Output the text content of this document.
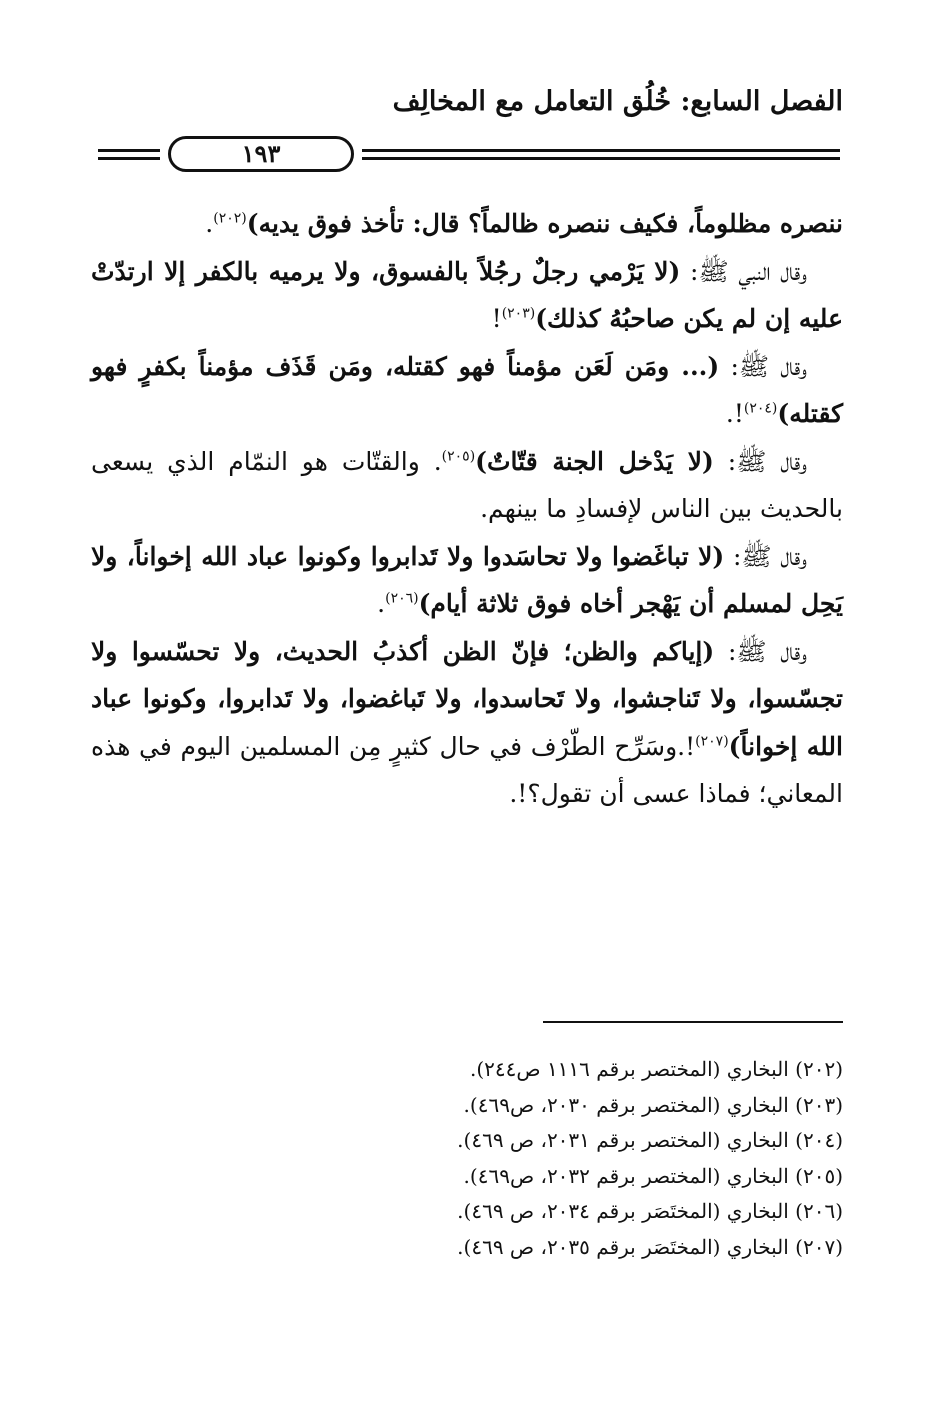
الفصل السابع: خُلُق التعامل مع المخالِف
١٩٣

ننصره مظلوماً، فكيف ننصره ظالماً؟ قال: تأخذ فوق يديه)$^{(٢٠٢)}$.

وقال النبي ﷺ: (لا يَرْمي رجلٌ رجُلاً بالفسوق، ولا يرميه بالكفر إلا ارتدّتْ عليه إن لم يكن صاحبُهُ كذلك)$^{(٢٠٣)}$!

وقال ﷺ: (... ومَن لَعَن مؤمناً فهو كقتله، ومَن قَذَف مؤمناً بكفرٍ فهو كقتله)$^{(٢٠٤)}$!.

وقال ﷺ: (لا يَدْخل الجنة قتّاتٌ)$^{(٢٠٥)}$. والقتّات هو النمّام الذي يسعى بالحديث بين الناس لإفسادِ ما بينهم.

وقال ﷺ: (لا تباغَضوا ولا تحاسَدوا ولا تَدابروا وكونوا عباد الله إخواناً، ولا يَحِل لمسلم أن يَهْجر أخاه فوق ثلاثة أيام)$^{(٢٠٦)}$.

وقال ﷺ: (إياكم والظن؛ فإنّ الظن أكذبُ الحديث، ولا تحسّسوا ولا تجسّسوا، ولا تَناجشوا، ولا تَحاسدوا، ولا تَباغضوا، ولا تَدابروا، وكونوا عباد الله إخواناً)$^{(٢٠٧)}$!.وسَرِّح الطّرْف في حال كثيرٍ مِن المسلمين اليوم في هذه المعاني؛ فماذا عسى أن تقول؟!.

(٢٠٢) البخاري (المختصر برقم ١١١٦ ص٢٤٤).
(٢٠٣) البخاري (المختصر برقم ٢٠٣٠، ص٤٦٩).
(٢٠٤) البخاري (المختصر برقم ٢٠٣١، ص ٤٦٩).
(٢٠٥) البخاري (المختصر برقم ٢٠٣٢، ص٤٦٩).
(٢٠٦) البخاري (المختَصَر برقم ٢٠٣٤، ص ٤٦٩).
(٢٠٧) البخاري (المختَصَر برقم ٢٠٣٥، ص ٤٦٩).
